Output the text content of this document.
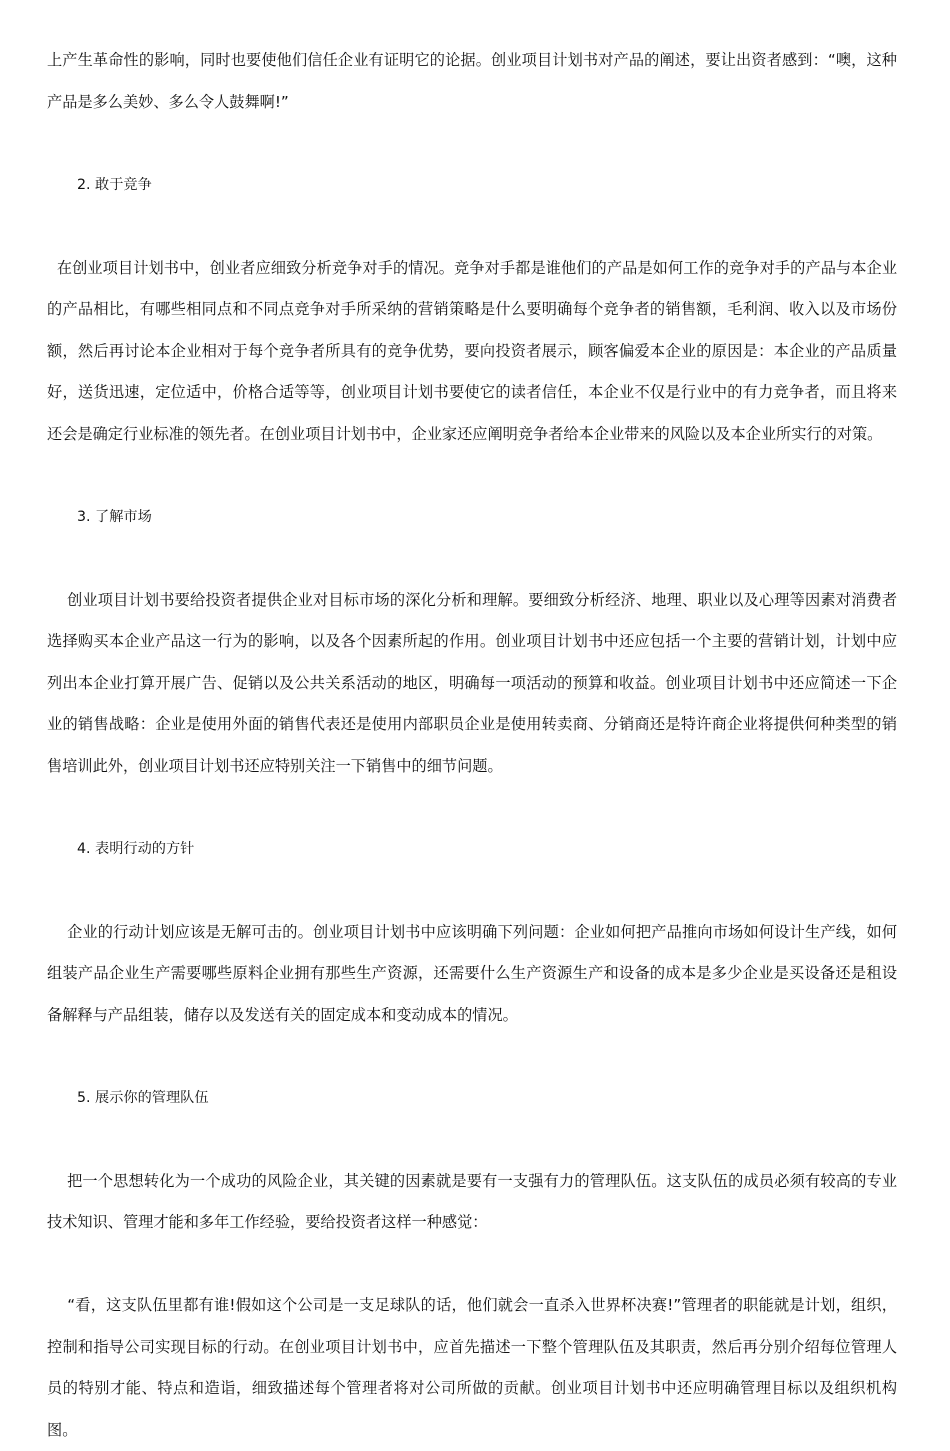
上产生革命性的影响，同时也要使他们信任企业有证明它的论据。创业项目计划书对产品的阐述，要让出资者感到：“噢，这种产品是多么美妙、多么令人鼓舞啊!”

2. 敢于竞争

在创业项目计划书中，创业者应细致分析竞争对手的情况。竞争对手都是谁他们的产品是如何工作的竞争对手的产品与本企业的产品相比，有哪些相同点和不同点竞争对手所采纳的营销策略是什么要明确每个竞争者的销售额，毛利润、收入以及市场份额，然后再讨论本企业相对于每个竞争者所具有的竞争优势，要向投资者展示，顾客偏爱本企业的原因是：本企业的产品质量好，送货迅速，定位适中，价格合适等等，创业项目计划书要使它的读者信任，本企业不仅是行业中的有力竞争者，而且将来还会是确定行业标准的领先者。在创业项目计划书中，企业家还应阐明竞争者给本企业带来的风险以及本企业所实行的对策。

3. 了解市场

创业项目计划书要给投资者提供企业对目标市场的深化分析和理解。要细致分析经济、地理、职业以及心理等因素对消费者选择购买本企业产品这一行为的影响，以及各个因素所起的作用。创业项目计划书中还应包括一个主要的营销计划，计划中应列出本企业打算开展广告、促销以及公共关系活动的地区，明确每一项活动的预算和收益。创业项目计划书中还应简述一下企业的销售战略：企业是使用外面的销售代表还是使用内部职员企业是使用转卖商、分销商还是特许商企业将提供何种类型的销售培训此外，创业项目计划书还应特别关注一下销售中的细节问题。

4. 表明行动的方针

企业的行动计划应该是无解可击的。创业项目计划书中应该明确下列问题：企业如何把产品推向市场如何设计生产线，如何组装产品企业生产需要哪些原料企业拥有那些生产资源，还需要什么生产资源生产和设备的成本是多少企业是买设备还是租设备解释与产品组装，储存以及发送有关的固定成本和变动成本的情况。

5. 展示你的管理队伍

把一个思想转化为一个成功的风险企业，其关键的因素就是要有一支强有力的管理队伍。这支队伍的成员必须有较高的专业技术知识、管理才能和多年工作经验，要给投资者这样一种感觉：

“看，这支队伍里都有谁!假如这个公司是一支足球队的话，他们就会一直杀入世界杯决赛!”管理者的职能就是计划，组织，控制和指导公司实现目标的行动。在创业项目计划书中，应首先描述一下整个管理队伍及其职责，然后再分别介绍每位管理人员的特别才能、特点和造诣，细致描述每个管理者将对公司所做的贡献。创业项目计划书中还应明确管理目标以及组织机构图。
